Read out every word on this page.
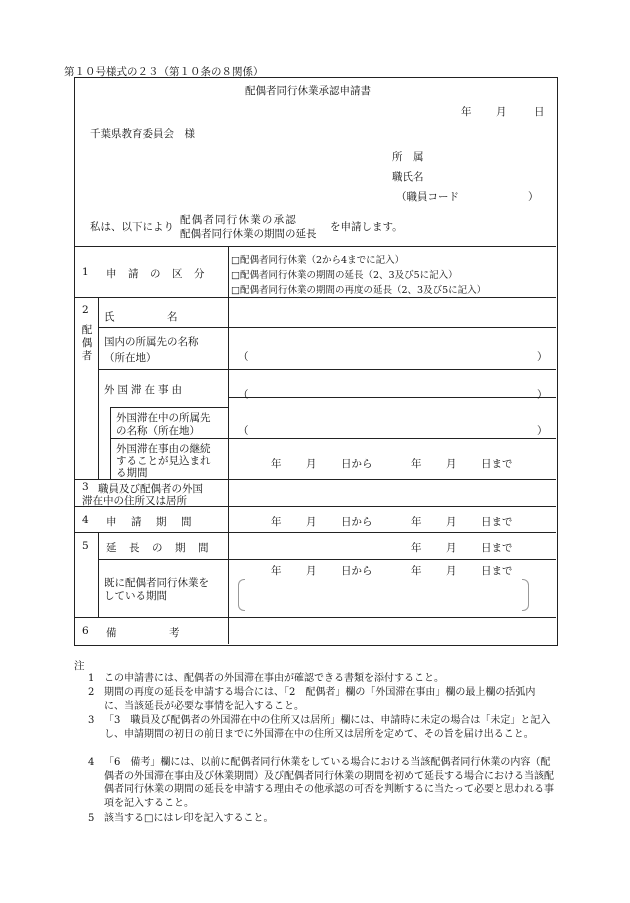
第１０号様式の２３（第１０条の８関係）
配偶者同行休業承認申請書
年 月	日
千葉県教育委員会　様
所　属
職氏名
（職員コード	）
私は、以下により
配偶者同行休業の承認
配偶者同行休業の期間の延長
を申請します。
1 申　請　の　区　分
□配偶者同行休業（2から4までに記入）
□配偶者同行休業の期間の延長（2、3及び5に記入）
□配偶者同行休業の期間の再度の延長（2、3及び5に記入）
2
配偶者
氏　　　　　名
国内の所属先の名称
（所在地）	（	）
外国滞在事由	（	）
外国滞在中の所属先
の名称（所在地）	（	）
外国滞在事由の継続
することが見込まれ
る期間
年 月 日から	年 月 日まで
3 職員及び配偶者の外国
滞在中の住所又は居所
4 申　請　期　間	年 月 日から	年 月 日まで
5 延　長　の　期　間	年 月 日まで
既に配偶者同行休業を
している期間
年 月 日から	年 月 日まで
6 備　　　　　考
注
1 この申請書には、配偶者の外国滞在事由が確認できる書類を添付すること。
2 期間の再度の延長を申請する場合には、「2　配偶者」欄の「外国滞在事由」欄の最上欄の括弧内に、当該延長が必要な事情を記入すること。
3 「3　職員及び配偶者の外国滞在中の住所又は居所」欄には、申請時に未定の場合は「未定」と記入し、申請期間の初日の前日までに外国滞在中の住所又は居所を定めて、その旨を届け出ること。
4 「6　備考」欄には、以前に配偶者同行休業をしている場合における当該配偶者同行休業の内容（配偶者の外国滞在事由及び休業期間）及び配偶者同行休業の期間を初めて延長する場合における当該配偶者同行休業の期間の延長を申請する理由その他承認の可否を判断するに当たって必要と思われる事項を記入すること。
5 該当する□にはレ印を記入すること。
